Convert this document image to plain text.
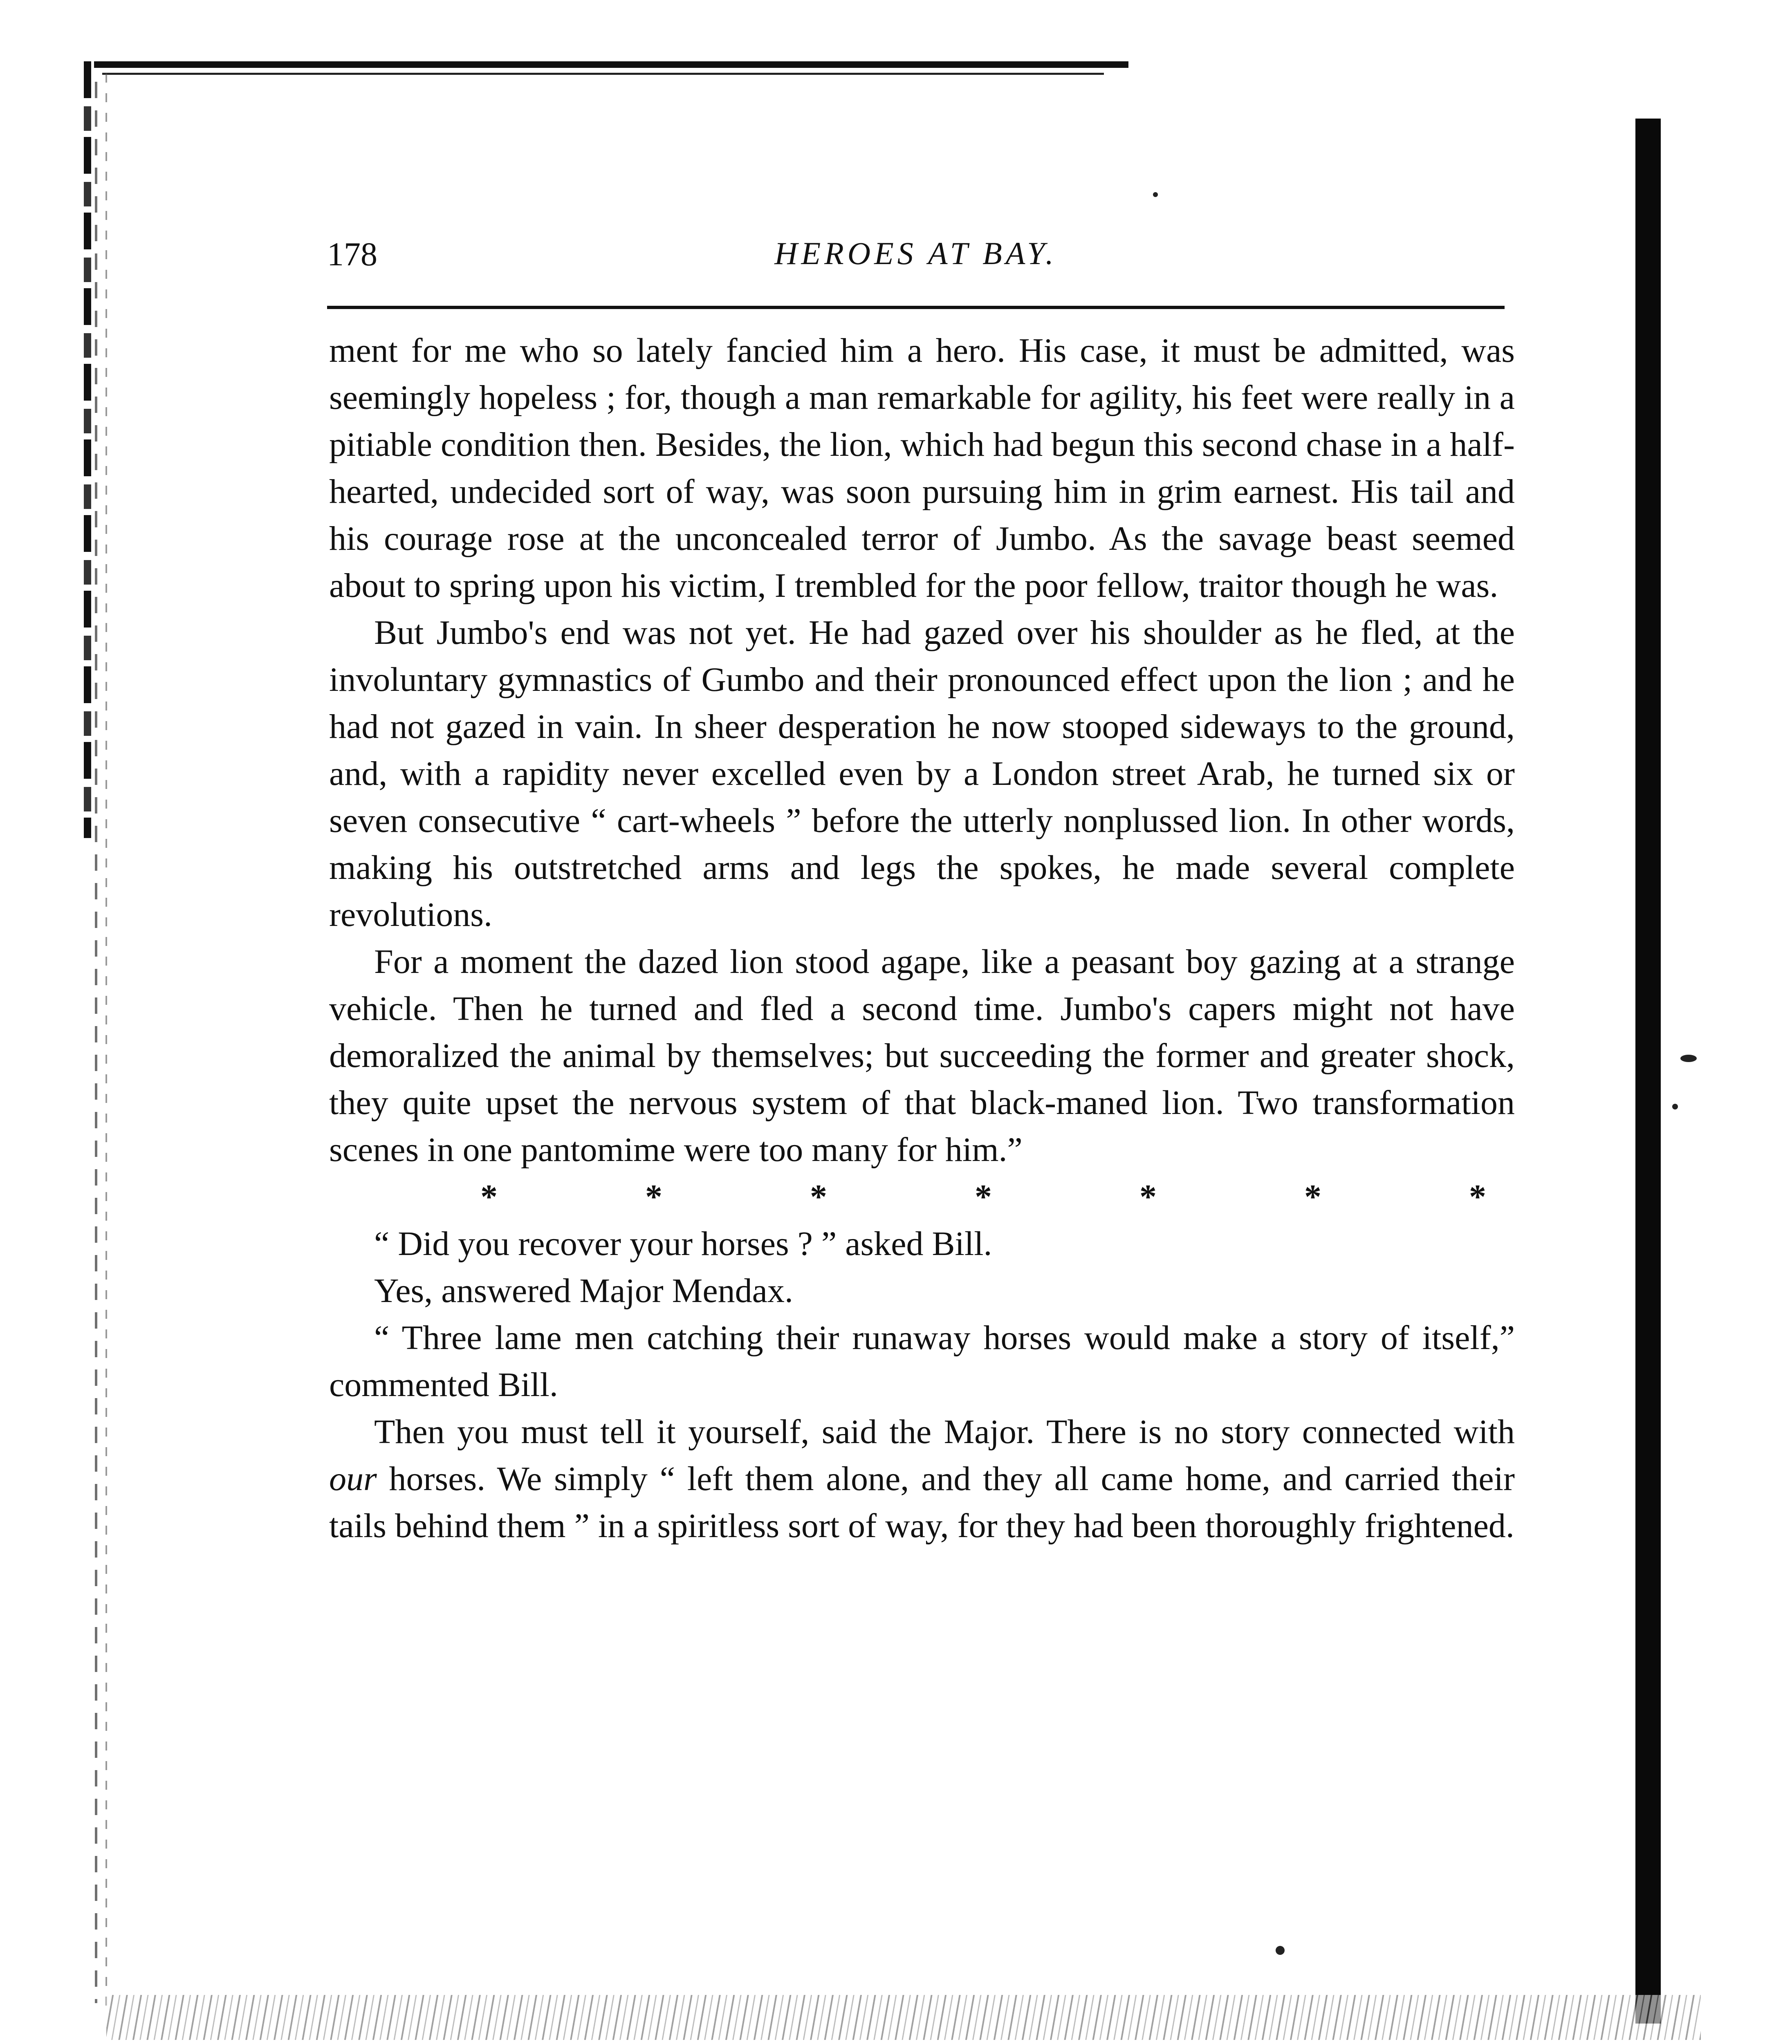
178	HEROES AT BAY.

ment for me who so lately fancied him a hero. His case, it must be admitted, was seemingly hopeless ; for, though a man remarkable for agility, his feet were really in a pitiable condition then. Besides, the lion, which had begun this second chase in a half-hearted, undecided sort of way, was soon pursuing him in grim earnest. His tail and his courage rose at the unconcealed terror of Jumbo. As the savage beast seemed about to spring upon his victim, I trembled for the poor fellow, traitor though he was.

But Jumbo's end was not yet. He had gazed over his shoulder as he fled, at the involuntary gymnastics of Gumbo and their pronounced effect upon the lion ; and he had not gazed in vain. In sheer desperation he now stooped sideways to the ground, and, with a rapidity never excelled even by a London street Arab, he turned six or seven consecutive “ cart-wheels ” before the utterly nonplussed lion. In other words, making his outstretched arms and legs the spokes, he made several complete revolutions.

For a moment the dazed lion stood agape, like a peasant boy gazing at a strange vehicle. Then he turned and fled a second time. Jumbo's capers might not have demoralized the animal by themselves; but succeeding the former and greater shock, they quite upset the nervous system of that black-maned lion. Two transformation scenes in one pantomime were too many for him.”

*	*	*	*	*	*	*

“ Did you recover your horses ? ” asked Bill.

Yes, answered Major Mendax.

“ Three lame men catching their runaway horses would make a story of itself,” commented Bill.

Then you must tell it yourself, said the Major. There is no story connected with our horses. We simply “ left them alone, and they all came home, and carried their tails behind them ” in a spiritless sort of way, for they had been thoroughly frightened.
